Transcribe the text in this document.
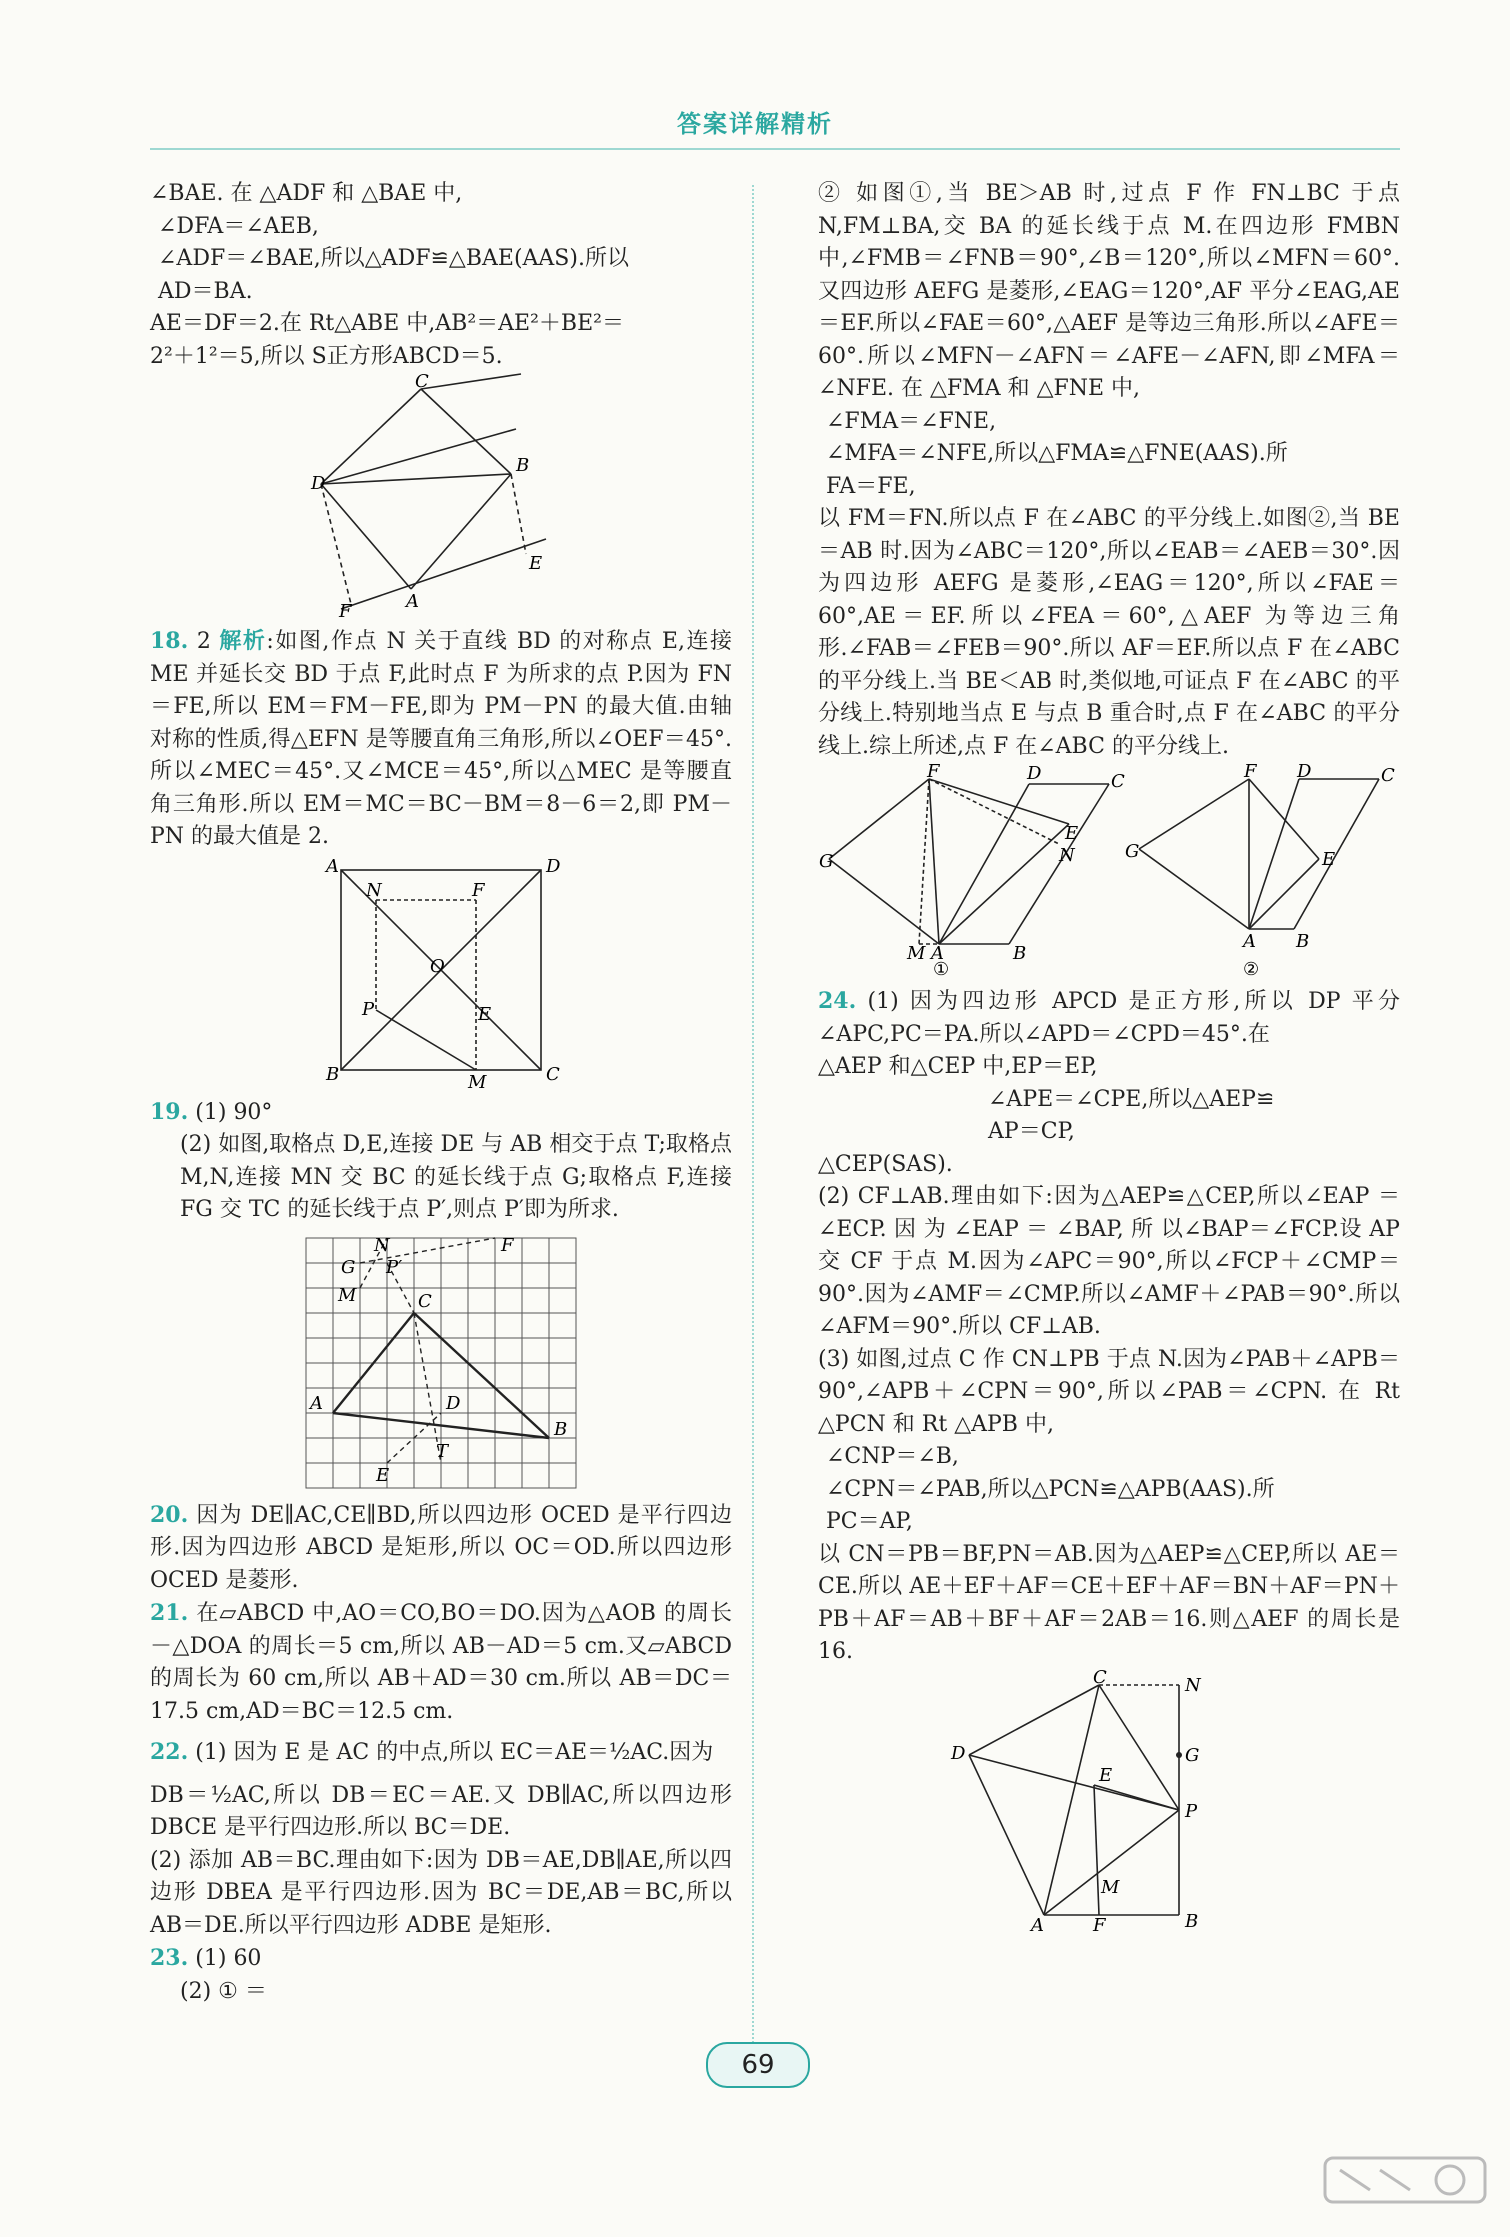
答案详解精析

∠BAE. 在 △ADF 和 △BAE 中,

∠DFA＝∠AEB,

∠ADF＝∠BAE,所以△ADF≌△BAE(AAS).所以

AD＝BA.

AE＝DF＝2.在 Rt△ABE 中,AB²＝AE²＋BE²＝

2²＋1²＝5,所以 S正方形ABCD＝5.

C
D
B
A
E
F

18. 2 解析:如图,作点 N 关于直线 BD 的对称点 E,连接 ME 并延长交 BD 于点 F,此时点 F 为所求的点 P.因为 FN＝FE,所以 EM＝FM－FE,即为 PM－PN 的最大值.由轴对称的性质,得△EFN 是等腰直角三角形,所以∠OEF＝45°.所以∠MEC＝45°.又∠MCE＝45°,所以△MEC 是等腰直角三角形.所以 EM＝MC＝BC－BM＝8－6＝2,即 PM－PN 的最大值是 2.

A	D
B	C
N	F
O
E
P
M

19. (1) 90°

(2) 如图,取格点 D,E,连接 DE 与 AB 相交于点 T;取格点 M,N,连接 MN 交 BC 的延长线于点 G;取格点 F,连接 FG 交 TC 的延长线于点 P′,则点 P′即为所求.

N	F
G P′
M	C
A	D
B
T
E

20. 因为 DE∥AC,CE∥BD,所以四边形 OCED 是平行四边形.因为四边形 ABCD 是矩形,所以 OC＝OD.所以四边形 OCED 是菱形.

21. 在▱ABCD 中,AO＝CO,BO＝DO.因为△AOB 的周长－△DOA 的周长＝5 cm,所以 AB－AD＝5 cm.又▱ABCD 的周长为 60 cm,所以 AB＋AD＝30 cm.所以 AB＝DC＝17.5 cm,AD＝BC＝12.5 cm.

22. (1) 因为 E 是 AC 的中点,所以 EC＝AE＝½AC.因为

DB＝½AC,所以 DB＝EC＝AE.又 DB∥AC,所以四边形 DBCE 是平行四边形.所以 BC＝DE.

(2) 添加 AB＝BC.理由如下:因为 DB＝AE,DB∥AE,所以四边形 DBEA 是平行四边形.因为 BC＝DE,AB＝BC,所以 AB＝DE.所以平行四边形 ADBE 是矩形.

23. (1) 60

(2) ① ＝

② 如图①,当 BE＞AB 时,过点 F 作 FN⊥BC 于点 N,FM⊥BA,交 BA 的延长线于点 M.在四边形 FMBN 中,∠FMB＝∠FNB＝90°,∠B＝120°,所以∠MFN＝60°.又四边形 AEFG 是菱形,∠EAG＝120°,AF 平分∠EAG,AE＝EF.所以∠FAE＝60°,△AEF 是等边三角形.所以∠AFE＝60°.所以∠MFN－∠AFN＝∠AFE－∠AFN,即∠MFA＝∠NFE. 在 △FMA 和 △FNE 中,

∠FMA＝∠FNE,

∠MFA＝∠NFE,所以△FMA≌△FNE(AAS).所

FA＝FE,

以 FM＝FN.所以点 F 在∠ABC 的平分线上.如图②,当 BE＝AB 时.因为∠ABC＝120°,所以∠EAB＝∠AEB＝30°.因为四边形 AEFG 是菱形,∠EAG＝120°,所以∠FAE＝60°,AE＝EF.所以∠FEA＝60°,△AEF 为等边三角形.∠FAB＝∠FEB＝90°.所以 AF＝EF.所以点 F 在∠ABC 的平分线上.当 BE＜AB 时,类似地,可证点 F 在∠ABC 的平分线上.特别地当点 E 与点 B 重合时,点 F 在∠ABC 的平分线上.综上所述,点 F 在∠ABC 的平分线上.

F	D	C
G
E
N
M A	B
F D	C
G	E
A B
①	②

24. (1) 因为四边形 APCD 是正方形,所以 DP 平分∠APC,PC＝PA.所以∠APD＝∠CPD＝45°.在

△AEP 和△CEP 中,EP＝EP,

∠APE＝∠CPE,所以△AEP≌

AP＝CP,

△CEP(SAS).

(2) CF⊥AB.理由如下:因为△AEP≌△CEP,所以∠EAP ＝ ∠ECP. 因 为 ∠EAP ＝ ∠BAP, 所 以∠BAP＝∠FCP.设 AP 交 CF 于点 M.因为∠APC＝90°,所以∠FCP＋∠CMP＝90°.因为∠AMF＝∠CMP.所以∠AMF＋∠PAB＝90°.所以∠AFM＝90°.所以 CF⊥AB.

(3) 如图,过点 C 作 CN⊥PB 于点 N.因为∠PAB＋∠APB＝90°,∠APB＋∠CPN＝90°,所以∠PAB＝∠CPN. 在 Rt △PCN 和 Rt △APB 中,

∠CNP＝∠B,

∠CPN＝∠PAB,所以△PCN≌△APB(AAS).所

PC＝AP,

以 CN＝PB＝BF,PN＝AB.因为△AEP≌△CEP,所以 AE＝CE.所以 AE＋EF＋AF＝CE＋EF＋AF＝BN＋AF＝PN＋PB＋AF＝AB＋BF＋AF＝2AB＝16.则△AEF 的周长是 16.

C	N
D	G
E
P
M
A	F	B
69
